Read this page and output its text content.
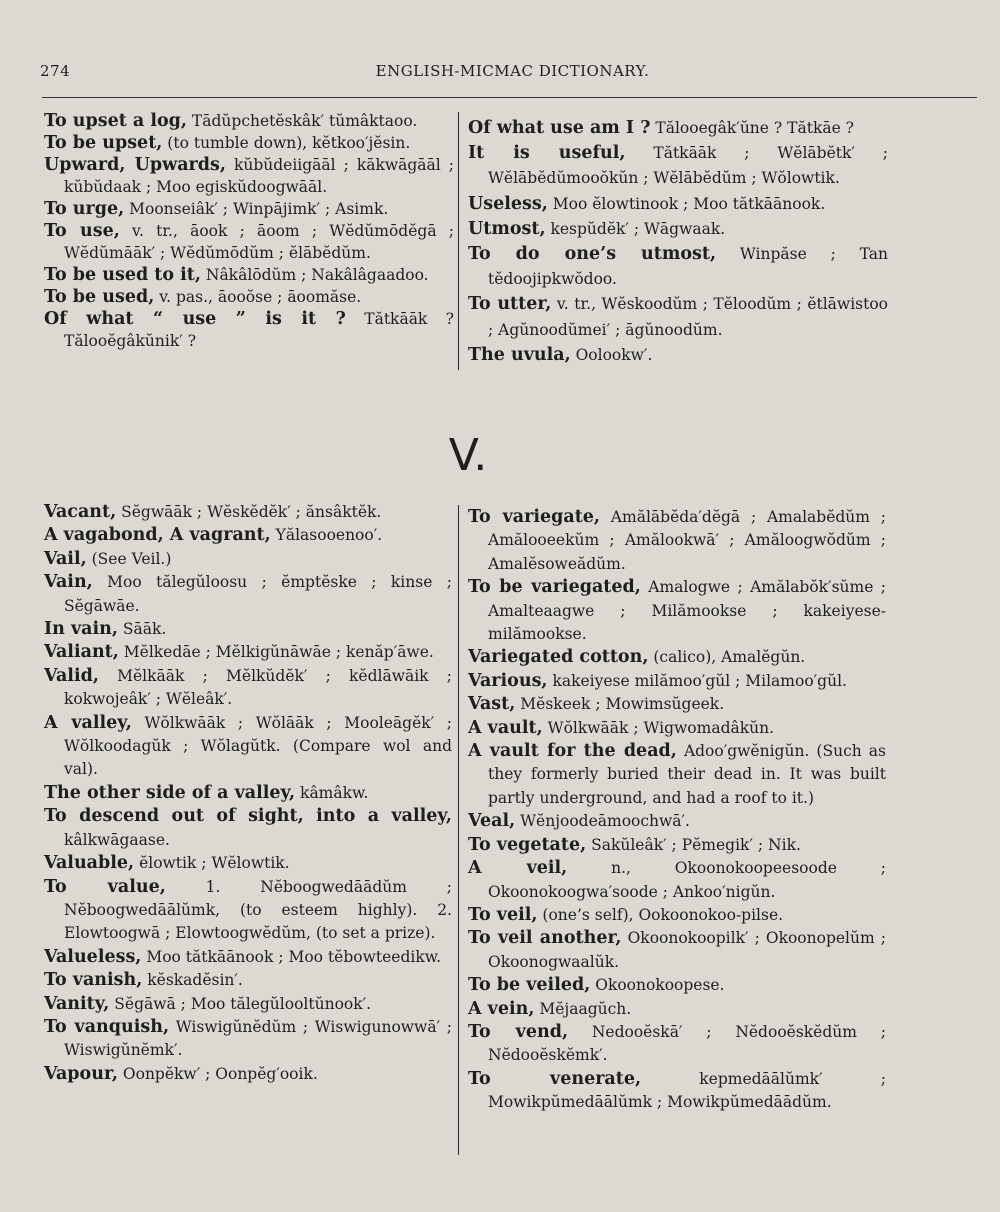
274	ENGLISH-MICMAC DICTIONARY.

To upset a log, Tādŭpchetĕskâk′ tŭmâktaoo.

To be upset, (to tumble down), kĕtkoo′jĕsin.

Upward, Upwards, kŭbŭdeiigāāl ; kākwāgāāl ; kŭbŭdaak ; Moo egiskŭdoogwāāl.

To urge, Moonseiâk′ ; Winpājimk′ ; Asimk.

To use, v. tr., āook ; āoom ; Wĕdŭmōdĕgā ; Wĕdŭmāāk′ ; Wĕdŭmōdŭm ; ĕlābĕdŭm.

To be used to it, Nâkâlōdŭm ; Nakâlâgaadoo.

To be used, v. pas., āooŏse ; āoomăse.

Of what “ use ” is it ? Tătkāāk ? Tălooĕgâkŭnik′ ?

Of what use am I ? Tălooegâk′ŭne ? Tătkāe ?

It is useful, Tătkāāk ; Wĕlābĕtk′ ; Wĕlābĕdŭmooŏkŭn ; Wĕlābĕdŭm ; Wŏlowtik.

Useless, Moo ĕlowtinook ; Moo tătkāānook.

Utmost, kespŭdĕk′ ; Wāgwaak.

To do one’s utmost, Winpăse ; Tan tĕdoojipkwŏdoo.

To utter, v. tr., Wĕskoodŭm ; Tĕloodŭm ; ĕtlāwistoo ; Agŭnoodŭmei′ ; āgŭnoodŭm.

The uvula, Oolookw′.

V.

Vacant, Sĕgwāāk ; Wĕskĕdĕk′ ; ănsâktĕk.

A vagabond, A vagrant, Yălasooenoo′.

Vail, (See Veil.)

Vain, Moo tălegŭloosu ; ĕmptĕske ; kinse ; Sĕgāwāe.

In vain, Sāāk.

Valiant, Mĕlkedāe ; Mĕlkigŭnāwāe ; kenăp′āwe.

Valid, Mĕlkāāk ; Mĕlkŭdĕk′ ; kĕdlāwāik ; kokwojeâk′ ; Wĕleâk′.

A valley, Wŏlkwāāk ; Wŏlāāk ; Mooleāgĕk′ ; Wŏlkoodagŭk ; Wŏlagŭtk. (Compare wol and val).

The other side of a valley, kâmâkw.

To descend out of sight, into a valley, kâlkwāgaase.

Valuable, ĕlowtik ; Wĕlowtik.

To value, 1. Nĕboogwedāādŭm ; Nĕboogwedāālŭmk, (to esteem highly). 2. Elowtoogwā ; Elowtoogwĕdŭm, (to set a prize).

Valueless, Moo tătkāānook ; Moo tĕbowteedikw.

To vanish, kĕskadĕsin′.

Vanity, Sĕgāwā ; Moo tălegŭlooltŭnook′.

To vanquish, Wiswigŭnĕdŭm ; Wiswigunowwā′ ; Wiswigŭnĕmk′.

Vapour, Oonpĕkw′ ; Oonpĕg′ooik.

To variegate, Amălābĕda′dĕgā ; Amalabĕdŭm ; Amălooeekŭm ; Amălookwā′ ; Amăloogwŏdŭm ; Amalĕsoweădŭm.

To be variegated, Amalogwe ; Amălabŏk′sŭme ; Amalteaagwe ; Milămookse ; kakeiyese-milămookse.

Variegated cotton, (calico), Amalĕgŭn.

Various, kakeiyese milămoo′gŭl ; Milamoo′gŭl.

Vast, Mĕskeek ; Mowimsŭgeek.

A vault, Wŏlkwāāk ; Wigwomadâkŭn.

A vault for the dead, Adoo′gwĕnigŭn. (Such as they formerly buried their dead in. It was built partly underground, and had a roof to it.)

Veal, Wĕnjoodeāmoochwā′.

To vegetate, Sakŭleâk′ ; Pĕmegik′ ; Nik.

A veil, n., Okoonokoopeesoode ; Okoonokoogwa′soode ; Ankoo′nigŭn.

To veil, (one’s self), Ookoonokoo-pilse.

To veil another, Okoonokoopilk′ ; Okoonopelŭm ; Okoonogwaalŭk.

To be veiled, Okoonokoopese.

A vein, Mĕjaagŭch.

To vend, Nedooĕskā′ ; Nĕdooĕskĕdŭm ; Nĕdooĕskĕmk′.

To venerate, kepmedāālŭmk′ ; Mowikpŭmedāālŭmk ; Mowikpŭmedāādŭm.
